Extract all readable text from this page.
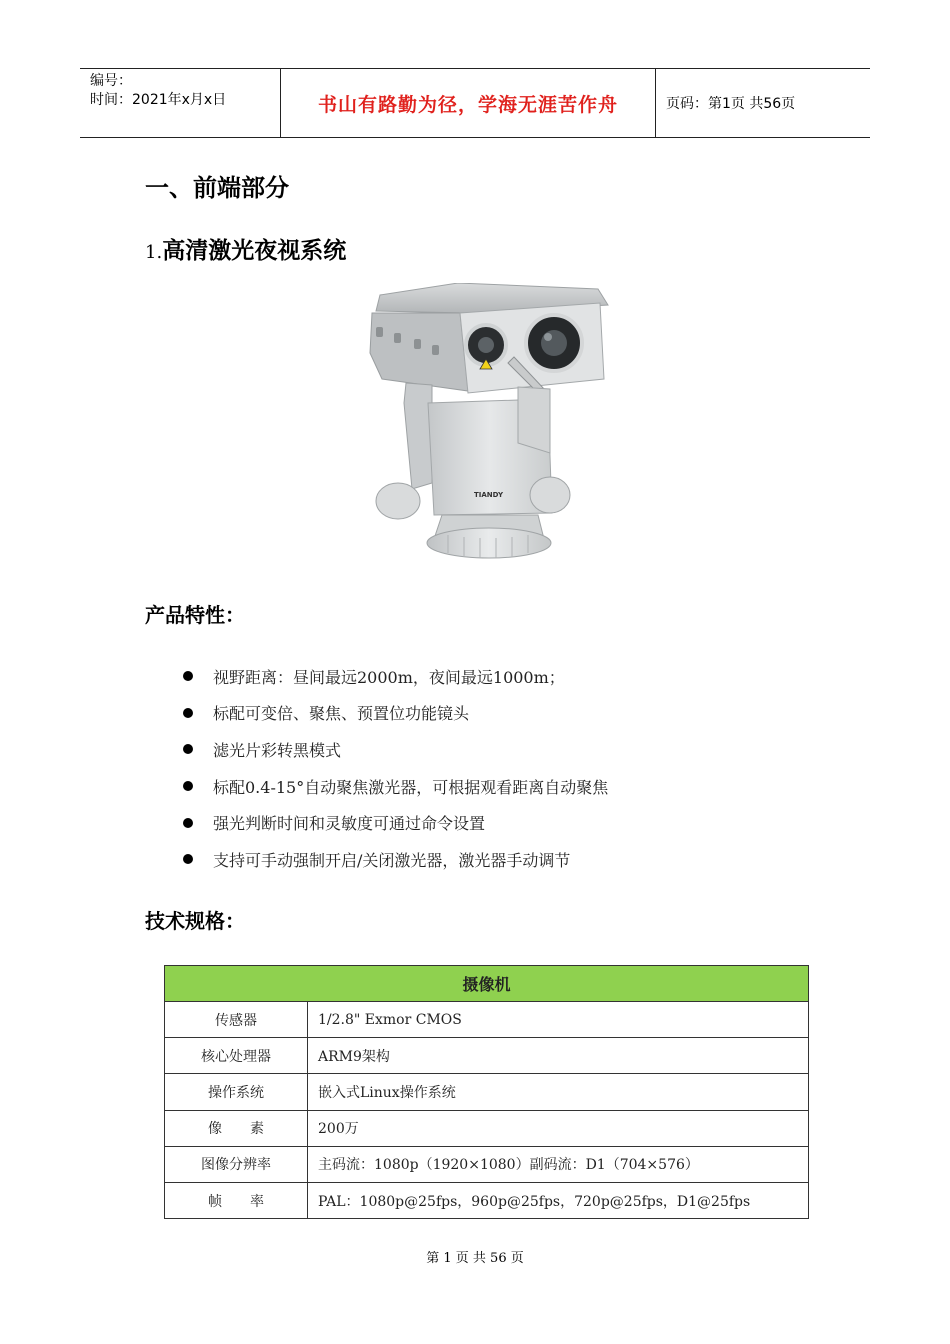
编号：
时间：2021年x月x日	书山有路勤为径，学海无涯苦作舟	页码：第1页 共56页
一、前端部分
1.高清激光夜视系统
TIANDY
产品特性：
视野距离：昼间最远2000m，夜间最远1000m；
标配可变倍、聚焦、预置位功能镜头
滤光片彩转黑模式
标配0.4-15°自动聚焦激光器，可根据观看距离自动聚焦
强光判断时间和灵敏度可通过命令设置
支持可手动强制开启/关闭激光器，激光器手动调节
技术规格：
摄像机	
传感器	1/2.8" Exmor CMOS
核心处理器	ARM9架构
操作系统	嵌入式Linux操作系统
像　　素	200万
图像分辨率	主码流：1080p（1920×1080）副码流：D1（704×576）
帧　　率	PAL：1080p@25fps，960p@25fps，720p@25fps，D1@25fps
第 1 页 共 56 页
